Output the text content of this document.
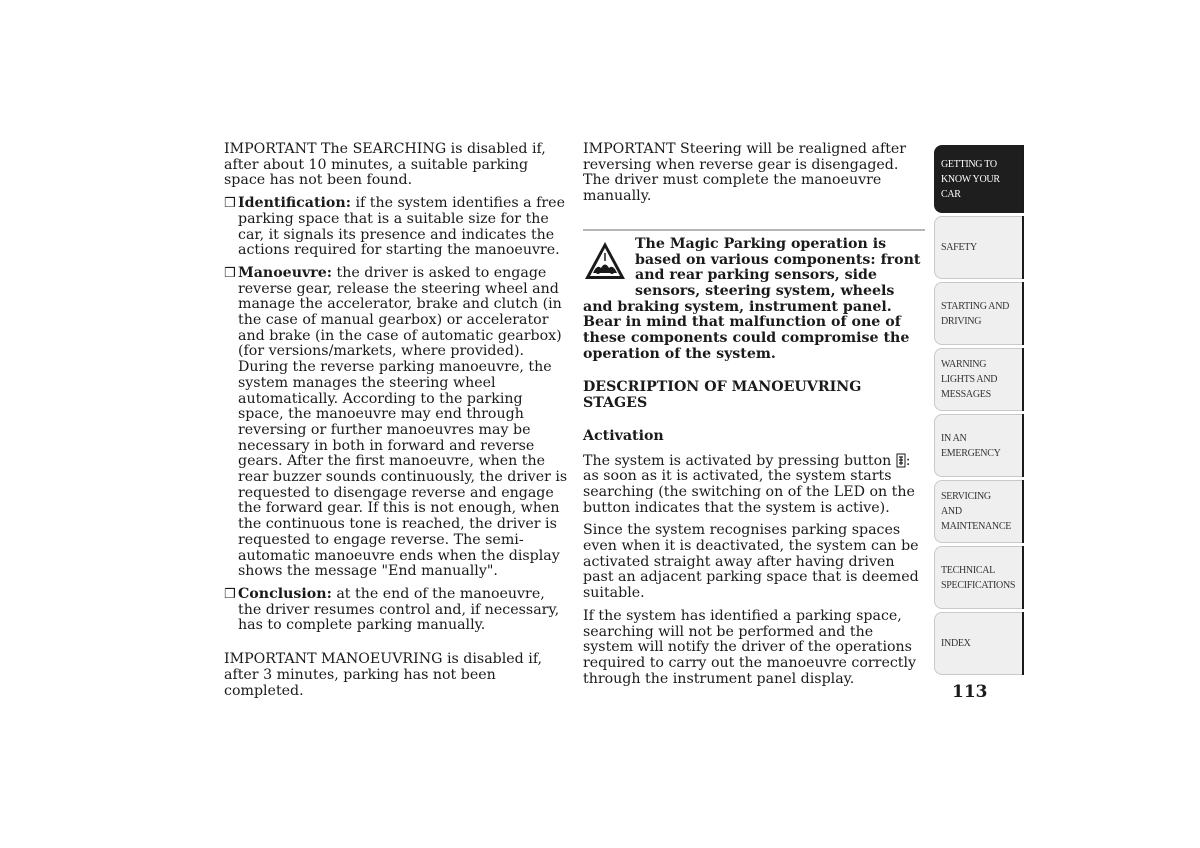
IMPORTANT The SEARCHING is disabled if, after about 10 minutes, a suitable parking space has not been found.

❒ Identification: if the system identifies a free parking space that is a suitable size for the car, it signals its presence and indicates the actions required for starting the manoeuvre.
❒ Manoeuvre: the driver is asked to engage reverse gear, release the steering wheel and manage the accelerator, brake and clutch (in the case of manual gearbox) or accelerator and brake (in the case of automatic gearbox) (for versions/markets, where provided). During the reverse parking manoeuvre, the system manages the steering wheel automatically. According to the parking space, the manoeuvre may end through reversing or further manoeuvres may be necessary in both in forward and reverse gears. After the first manoeuvre, when the rear buzzer sounds continuously, the driver is requested to disengage reverse and engage the forward gear. If this is not enough, when the continuous tone is reached, the driver is requested to engage reverse. The semi-automatic manoeuvre ends when the display shows the message "End manually".
❒ Conclusion: at the end of the manoeuvre, the driver resumes control and, if necessary, has to complete parking manually.

IMPORTANT MANOEUVRING is disabled if, after 3 minutes, parking has not been completed.

IMPORTANT Steering will be realigned after reversing when reverse gear is disengaged. The driver must complete the manoeuvre manually.

The Magic Parking operation is based on various components: front and rear parking sensors, side sensors, steering system, wheels and braking system, instrument panel. Bear in mind that malfunction of one of these components could compromise the operation of the system.

DESCRIPTION OF MANOEUVRING STAGES

Activation

The system is activated by pressing button : as soon as it is activated, the system starts searching (the switching on of the LED on the button indicates that the system is active).

Since the system recognises parking spaces even when it is deactivated, the system can be activated straight away after having driven past an adjacent parking space that is deemed suitable.

If the system has identified a parking space, searching will not be performed and the system will notify the driver of the operations required to carry out the manoeuvre correctly through the instrument panel display.

GETTING TO KNOW YOUR CAR
SAFETY
STARTING AND DRIVING
WARNING LIGHTS AND MESSAGES
IN AN EMERGENCY
SERVICING AND MAINTENANCE
TECHNICAL SPECIFICATIONS
INDEX
113
